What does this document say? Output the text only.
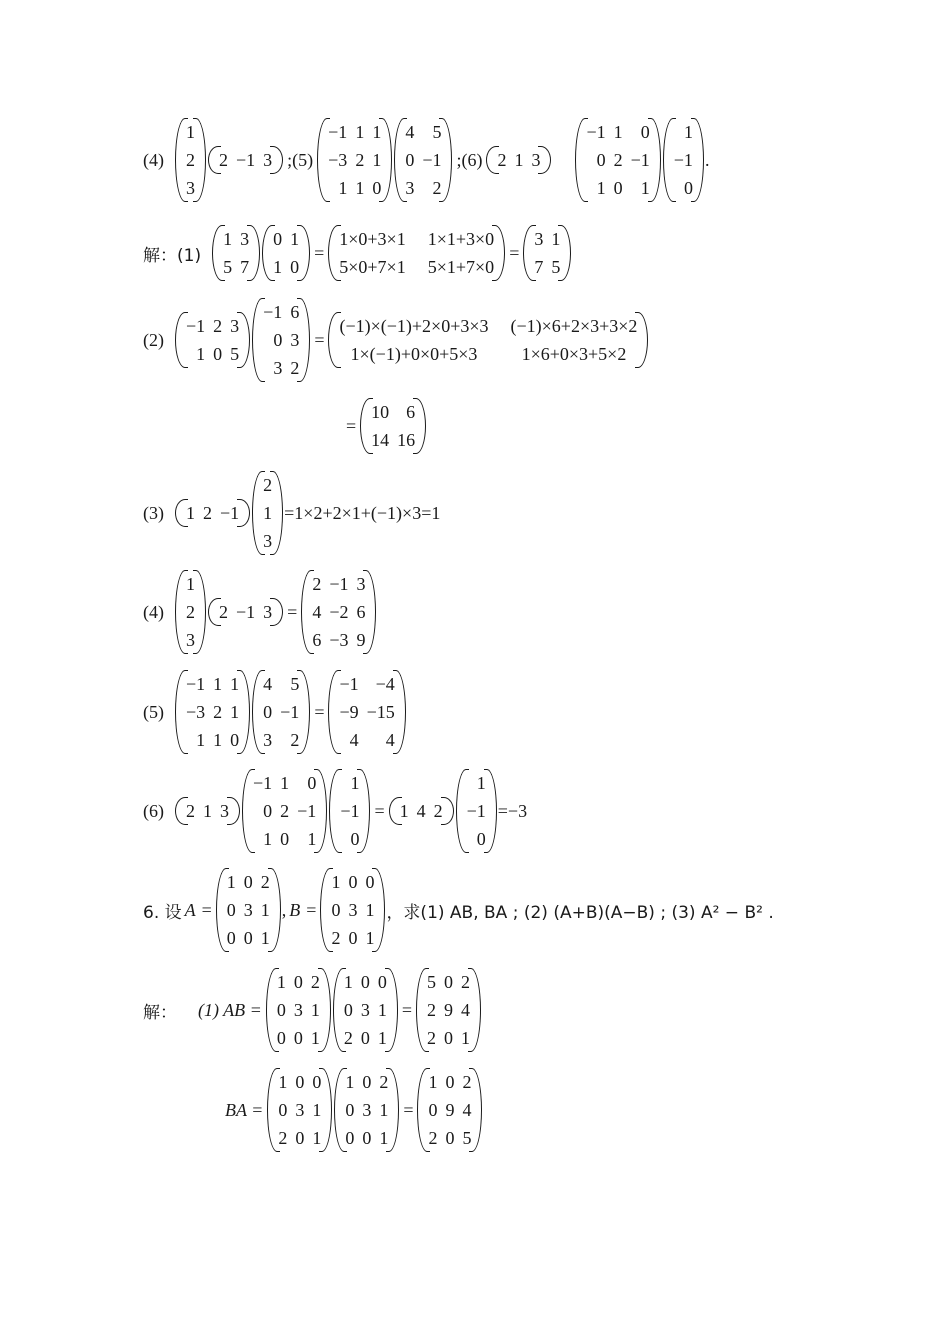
(4)
1
2
3
2 −1 3 ;(5)
−1 1 1
−3 2 1
1 1 0
4	5
0 −1
3	2
;(6) 2 1 3
−1 1	0
0 2 −1
1 0	1
1
−1
0
.
解：(1)
1 3
5 7
0 1
1 0
=
1×0+3×1 1×1+3×0
5×0+7×1 5×1+7×0
=
3 1
7 5
(2)
−1 2 3
1 0 5
−1 6
0 3
3 2
=
(−1)×(−1)+2×0+3×3 (−1)×6+2×3+3×2
1×(−1)+0×0+5×3	1×6+0×3+5×2
=
10 6
14 16
(3) 1 2 −1
2
1
3
=1×2+2×1+(−1)×3=1
(4)
1
2
3
2 −1 3 =
2 −1 3
4 −2 6
6 −3 9
(5)
−1 1 1
−3 2 1
1 1 0
4	5
0 −1
3	2
=
−1 −4
−9 −15
4	4
(6) 2 1 3
−1 1	0
0 2 −1
1 0	1
1
−1
0
= 1 4 2
1
−1
0
=−3
6. 设 A =
1 0 2
0 3 1
0 0 1
, B =
1 0 0
0 3 1
2 0 1
，求(1) AB, BA ; (2) (A+B)(A−B) ; (3) A² − B² .
解： (1) AB =
1 0 2
0 3 1
0 0 1
1 0 0
0 3 1
2 0 1
=
5 0 2
2 9 4
2 0 1
BA =
1 0 0
0 3 1
2 0 1
1 0 2
0 3 1
0 0 1
=
1 0 2
0 9 4
2 0 5
